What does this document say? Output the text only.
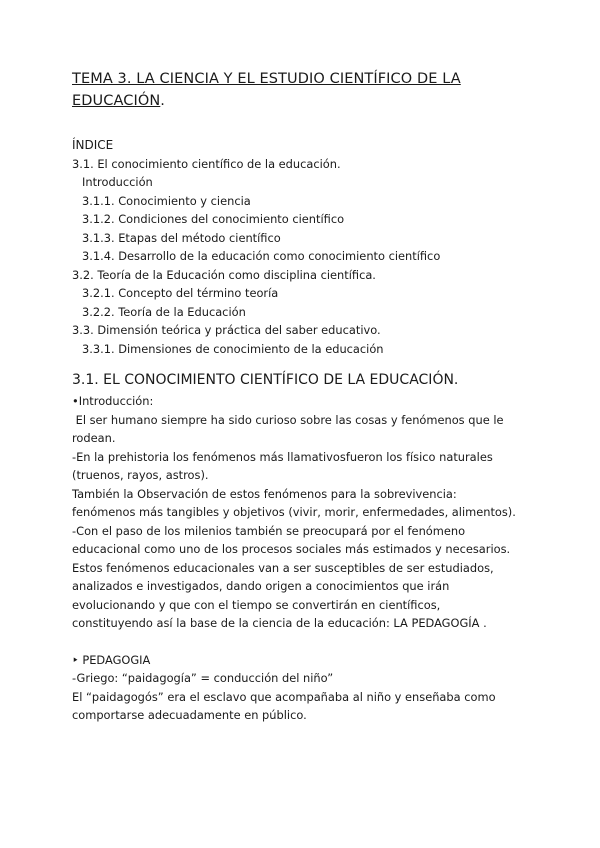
TEMA 3. LA CIENCIA Y EL ESTUDIO CIENTÍFICO DE LA
EDUCACIÓN.
ÍNDICE
3.1. El conocimiento científico de la educación.
Introducción
3.1.1. Conocimiento y ciencia
3.1.2. Condiciones del conocimiento científico
3.1.3. Etapas del método científico
3.1.4. Desarrollo de la educación como conocimiento científico
3.2. Teoría de la Educación como disciplina científica.
3.2.1. Concepto del término teoría
3.2.2. Teoría de la Educación
3.3. Dimensión teórica y práctica del saber educativo.
3.3.1. Dimensiones de conocimiento de la educación
3.1. EL CONOCIMIENTO CIENTÍFICO DE LA EDUCACIÓN.
•Introducción:
El ser humano siempre ha sido curioso sobre las cosas y fenómenos que le
rodean.
-En la prehistoria los fenómenos más llamativosfueron los físico naturales
(truenos, rayos, astros).
También la Observación de estos fenómenos para la sobrevivencia:
fenómenos más tangibles y objetivos (vivir, morir, enfermedades, alimentos).
-Con el paso de los milenios también se preocupará por el fenómeno
educacional como uno de los procesos sociales más estimados y necesarios.
Estos fenómenos educacionales van a ser susceptibles de ser estudiados,
analizados e investigados, dando origen a conocimientos que irán
evolucionando y que con el tiempo se convertirán en científicos,
constituyendo así la base de la ciencia de la educación: LA PEDAGOGÍA .
‣ PEDAGOGIA
-Griego: “paidagogía” = conducción del niño”
El “paidagogós” era el esclavo que acompañaba al niño y enseñaba como
comportarse adecuadamente en público.
